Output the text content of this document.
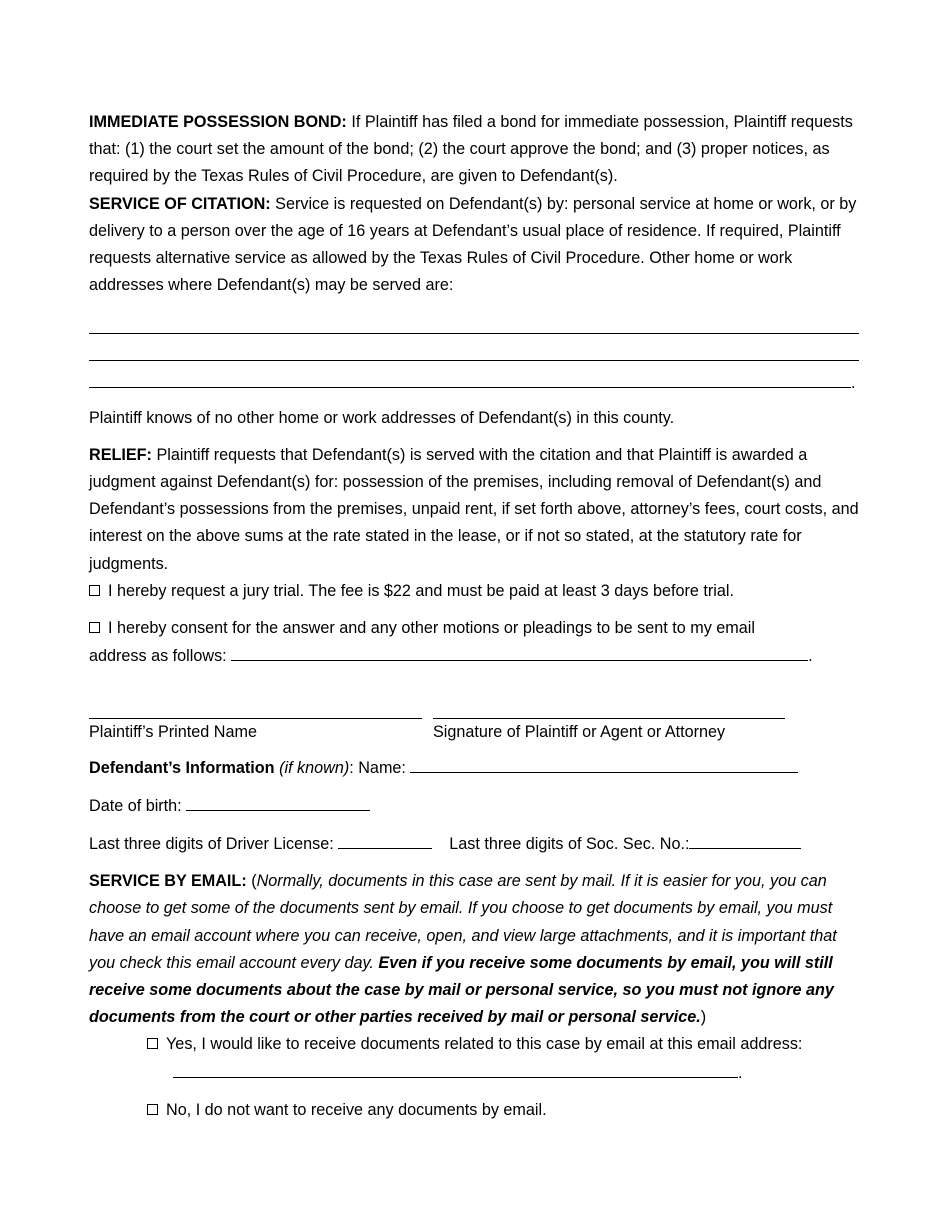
IMMEDIATE POSSESSION BOND: If Plaintiff has filed a bond for immediate possession, Plaintiff requests that: (1) the court set the amount of the bond; (2) the court approve the bond; and (3) proper notices, as required by the Texas Rules of Civil Procedure, are given to Defendant(s).

SERVICE OF CITATION: Service is requested on Defendant(s) by: personal service at home or work, or by delivery to a person over the age of 16 years at Defendant’s usual place of residence. If required, Plaintiff requests alternative service as allowed by the Texas Rules of Civil Procedure. Other home or work addresses where Defendant(s) may be served are:

.

Plaintiff knows of no other home or work addresses of Defendant(s) in this county.

RELIEF: Plaintiff requests that Defendant(s) is served with the citation and that Plaintiff is awarded a judgment against Defendant(s) for: possession of the premises, including removal of Defendant(s) and Defendant’s possessions from the premises, unpaid rent, if set forth above, attorney’s fees, court costs, and interest on the above sums at the rate stated in the lease, or if not so stated, at the statutory rate for judgments.

I hereby request a jury trial. The fee is $22 and must be paid at least 3 days before trial.

I hereby consent for the answer and any other motions or pleadings to be sent to my email
address as follows:	.

Plaintiff’s Printed Name	Signature of Plaintiff or Agent or Attorney

Defendant’s Information (if known): Name:

Date of birth:

Last three digits of Driver License:	Last three digits of Soc. Sec. No.:

SERVICE BY EMAIL: (Normally, documents in this case are sent by mail. If it is easier for you, you can choose to get some of the documents sent by email. If you choose to get documents by email, you must have an email account where you can receive, open, and view large attachments, and it is important that you check this email account every day. Even if you receive some documents by email, you will still receive some documents about the case by mail or personal service, so you must not ignore any documents from the court or other parties received by mail or personal service.)

Yes, I would like to receive documents related to this case by email at this email address:

.

No, I do not want to receive any documents by email.
